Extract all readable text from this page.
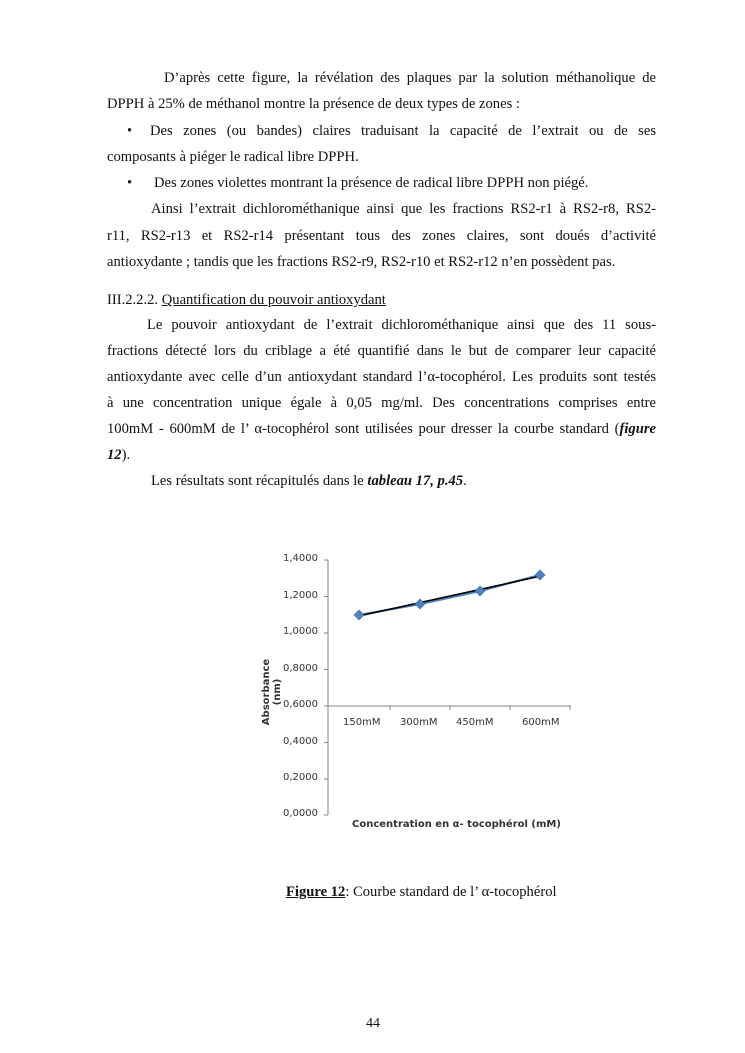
D’après cette figure, la révélation des plaques par la solution méthanolique de
DPPH à 25% de méthanol montre la présence de deux types de zones :
• Des zones (ou bandes) claires traduisant la capacité de l’extrait ou de ses
composants à piéger le radical libre DPPH.
• Des zones violettes montrant la présence de radical libre DPPH non piégé.
Ainsi l’extrait dichlorométhanique ainsi que les fractions RS2-r1 à RS2-r8, RS2-
r11, RS2-r13 et RS2-r14 présentant tous des zones claires, sont doués d’activité
antioxydante ; tandis que les fractions RS2-r9, RS2-r10 et RS2-r12 n’en possèdent pas.
III.2.2.2. Quantification du pouvoir antioxydant
Le pouvoir antioxydant de l’extrait dichlorométhanique ainsi que des 11 sous-
fractions détecté lors du criblage a été quantifié dans le but de comparer leur capacité
antioxydante avec celle d’un antioxydant standard l’α-tocophérol. Les produits sont testés
à une concentration unique égale à 0,05 mg/ml. Des concentrations comprises entre
100mM - 600mM de l’ α-tocophérol sont utilisées pour dresser la courbe standard (figure
12).
Les résultats sont récapitulés dans le tableau 17, p.45.
1,4000
1,2000
1,0000
0,8000
0,6000
0,4000
0,2000
0,0000
Absorbance (nm)
150mM 300mM 450mM	600mM
Concentration en α- tocophérol (mM)
Figure 12: Courbe standard de l’ α-tocophérol
44
